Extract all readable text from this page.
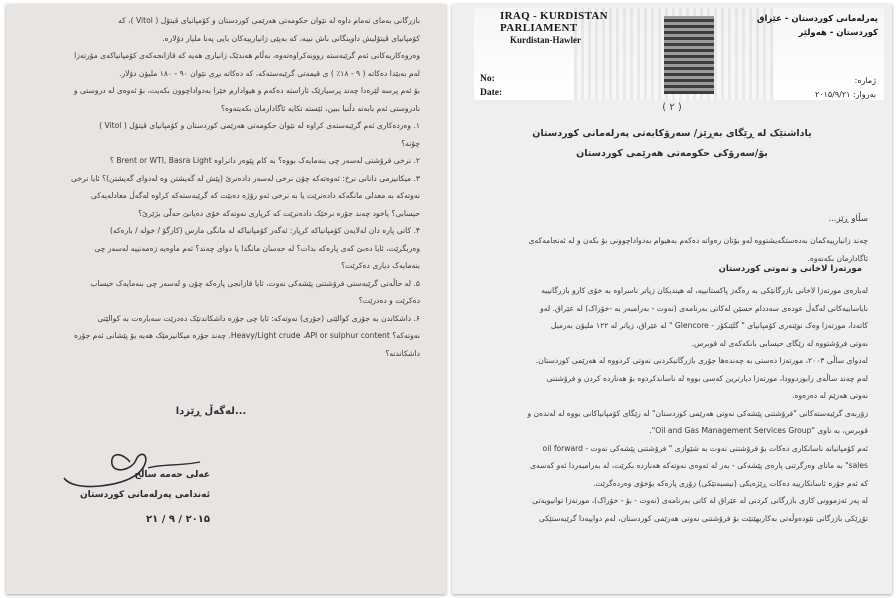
بازرگانی بەمای تەمام داوە لە نێوان حکومەتی هەرێمی کوردستان و کۆمپانیای ڤیتۆل ( Vitol )، کە
کۆمپانیای ڤیتۆلیش داوینگانی باش نییە، کە بەپێی زانیارییەکان بایی پەنا ملیار دۆلارە.
وەروەکاریەکانی ئەم گرێبەستە روونەکراوەتەوە، بەڵام هەندێک زانیاری هەیە کە قازانجەکەی کۆمپانیاکەی مۆرتەزا
لەم بەبێدا دەکاتە ( ۹ - ۱۸٪ ) ی قیمەتی گرێبەستەکە، کە دەکاتە بڕی نێوان ۹۰ - ۱۸۰ ملیۆن دۆلار.
بۆ ئەم پرسە لێرەدا چەند پرسیارێک ئاراستە دەکەم و هیوادارم خێرا بەدواداچوون بکەیت، بۆ ئەوەی لە دروستی و
نادروستی ئەم بابەتە دڵنیا ببین، ئێستە تکایە ئاگادارمان بکەیتەوە؟
۱. وەردەکاری ئەم گرێبەستەی کراوە لە نێوان حکومەتی هەرێمی کوردستان و کۆمپانیای ڤیتۆل ( Vitol )
چۆنە؟
۲. نرخی فرۆشتی لەسەر چی بنەمایەک بووە؟ بە کام پێوەر دانراوە Brent or WTI, Basra Light ؟
۳. میکانیزمی دانانی نرخ: ئەوەتەکە چۆن نرخی لەسەر دادەنرێ (پێش لە گەیشتن وە لەدوای گەیشتن)؟ ئایا نرخی
نەوتەکە بە معدلی مانگەکە دادەنرێت یا بە نرخی ئەو رۆژە دەبێت کە گرێبەستەکە کراوە لەگەڵ معادلەیەکی
حیسابی؟ یاخود چەند جۆرە نرخێک دادەنرێت کە کرپاری نەوتەکە خۆی دەیانێ حەلّی بژێرێ؟
۴. کاتی پارە دان لەلایەن کۆمپانیاکە کرپار: ئەگەر کۆمپانیاکە لە مانگی مارس (کارگۆ / خولە / بارەکە)
وەربگرێت، ئایا دەبێ کەی پارەکە بدات؟ لە حەسان مانگدا یا دوای چەند؟ ئەم ماوەیە زەمەنییە لەسەر چی
بنەمایەک دیاری دەکرێت؟
۵. لە حاڵەتی گرێبەستی فرۆشتنی پێشەکی نەوت، ئایا قازانجی پارەکە چۆن و لەسەر چی بنەمایەک حیساب
دەکرێت و دەدرێت؟
۶. داشکاندن بە جۆری کوالێتی (جۆری) نەوتەکە: ئایا چی جۆرە داشکاندنێک دەدرێت سەبارەت بە کوالێتی
نەوتەکە؟ Heavy/Light crude ،API or sulphur content. چەند جۆرە میکانیزمێک هەیە بۆ پێشانی ئەم جۆرە
داشکاندنە؟
لەگەڵ ڕێزدا...
عەلی حەمە ساڵح
ئەندامی پەرلەمانی کوردستان
۲۰۱۵ / ۹ / ۲۱
IRAQ - KURDISTAN
PARLIAMENT
Kurdistan-Hawler
پەرلەمانی کوردستان - عێراق
کوردستان - هەولێر
No:
Date:
ژمارە:
بەروار: ۲۰۱۵/۹/۲۱
( ۲ )
یاداشتێک لە ڕێگای بەڕێز/ سەرۆکایەتی پەرلەمانی کوردستان
بۆ/سەرۆکی حکومەتی هەرێمی کوردستان
سڵاو ڕێز...
چەند زانیارییەکمان بەدەستگەیشتووە لەو بۆتان رەوانە دەکەم بەهیوام بەدواداچوونی بۆ بکەن و لە ئەنجامەکەی
ئاگادارمان بکەنەوە.
مورتەزا لاخانی و نەوتی کوردستان
لەبارەی مورتەزا لاخانی بازرگانێکی بە رەگەز پاکستانییە، لە هیندیکان زیاتر ناسراوە بە خۆی کارو بازرگانییە
نایاساییەکانی لەگەڵ عودەی سەددام حسێن لەکاتی بەرنامەی (نەوت - بەرامبەر بە -خۆراک) لە عێراق. لەو
کاتەدا، مورتەزا وەک نوێنەری کۆمپانیای " گلێنکۆر - Glencore " لە عێراق، زیاتر لە ۱۲۲ ملیۆن بەرمیل
نەوتی فرۆشتووە لە رێگای حیسابی بانکەکەی لە قوبرس.
لەدوای ساڵی ۲۰۰۳، مورتەزا دەستی بە چەندەها جۆری بازرگانیکردنی نەوتی کردووە لە هەرێمی کوردستان.
لەم چەند ساڵەی رابوردوودا، مورتەزا دیارترین کەسی بووە لە ناساندکردوە بۆ هەناردە کردن و فرۆشتنی
نەوتی هەرێم لە دەرەوە.
زۆربەی گرێبەستەکانی "فرۆشتنی پێشەکی نەوتی هەرێمی کوردستان" لە رێگای کۆمپانیاکانی بووە لە لەندەن و
قوبرس، بە ناوی "Oil and Gas Management Services Group".
ئەم کۆمپانیانە ناسانکاری دەکات بۆ فرۆشتنی نەوت بە شێوازی " فرۆشتنی پێشەکی نەوت - oil forward
sales" بە مانای وەرگرتنی پارەی پێشەکی - بەر لە ئەوەی نەوتەکە هەناردە بکرێت، لە بەرامبەردا ئەو کەسەی
کە ئەم جۆرە ئاسانکارییە دەکات ڕێژەیکی (نیسبەتێکی) زۆری پارەکە بۆخۆی وەردەگرێت.
لە پەر ئەزموونی کاری بازرگانی کردنی لە عێراق لە کاتی بەرنامەی (نەوت - بۆ - خۆراک)، مورتەزا توانیویەتی
تۆڕێکی بازرگانی نێودەوڵەتی بەکاربهێنێت بۆ فرۆشتنی نەوتی هەرێمی کوردستان، لەم دواییەدا گرێبەستێکی
